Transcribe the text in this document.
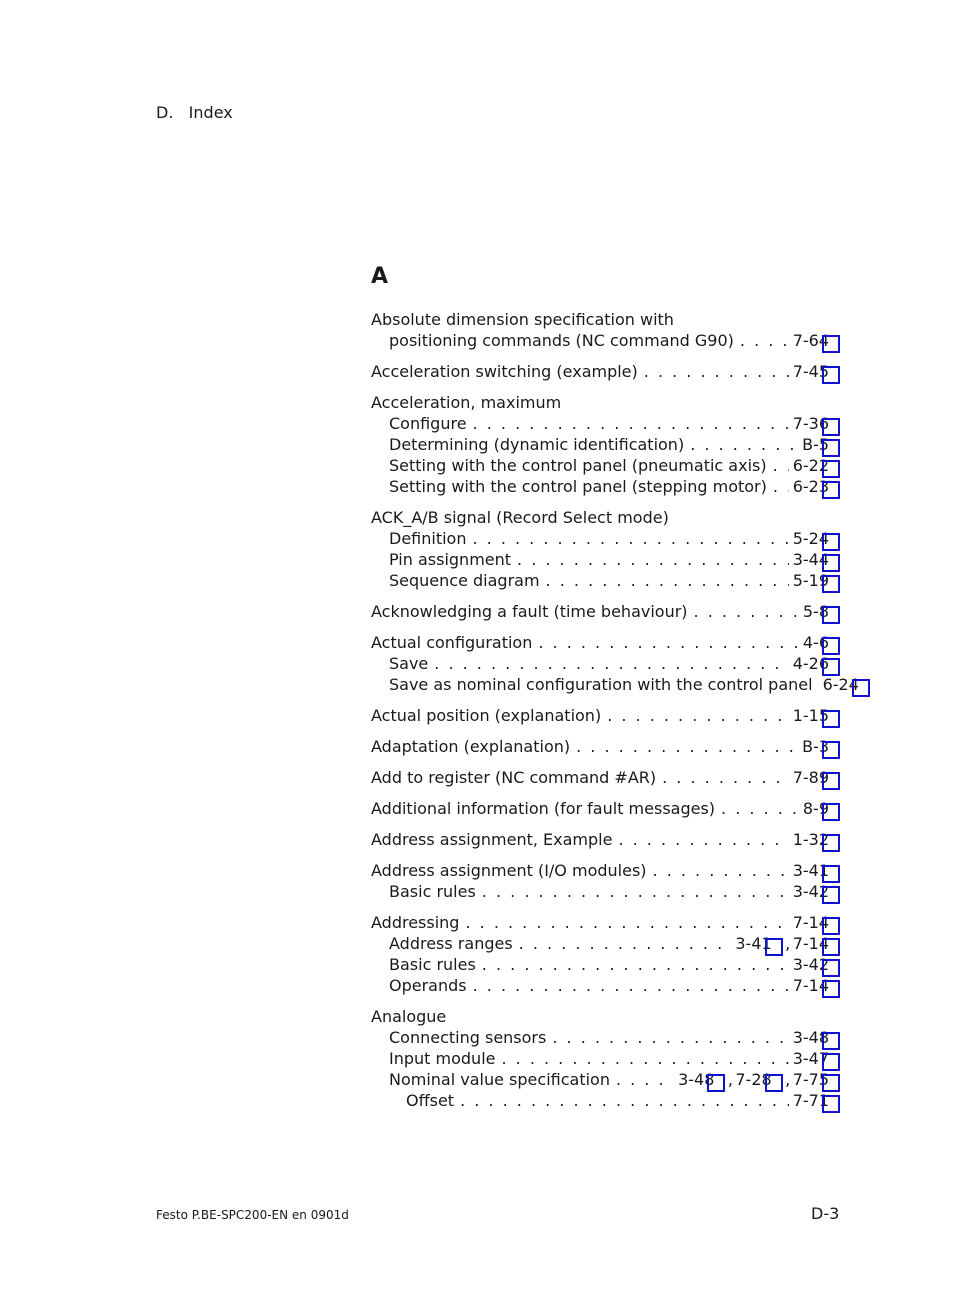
D. Index
A
Absolute dimension specification with
positioning commands (NC command G90) . . .	7-64
Acceleration switching (example) . . .	7-45
Acceleration, maximum
Configure . . .	7-36
Determining (dynamic identification) . . .	B-5
Setting with the control panel (pneumatic axis) . . . 6-22
Setting with the control panel (stepping motor) . . . 6-23
ACK_A/B signal (Record Select mode)
Definition . . .	5-24
Pin assignment . . .	3-44
Sequence diagram . . .	5-19
Acknowledging a fault (time behaviour) . . .	5-8
Actual configuration . . .	4-6
Save . . .	4-26
Save as nominal configuration with the control panel 6-24
Actual position (explanation) . . .	1-15
Adaptation (explanation) . . .	B-3
Add to register (NC command #AR) . . .	7-89
Additional information (for fault messages) . . .	8-9
Address assignment, Example . . .	1-32
Address assignment (I/O modules) . . .	3-41
Basic rules . . .	3-42
Addressing . . .	7-14
Address ranges . . .	3-41 , 7-14
Basic rules . . .	3-42
Operands . . .	7-14
Analogue
Connecting sensors . . .	3-48
Input module . . .	3-47
Nominal value specification . . .	3-48 , 7-28 , 7-75
Offset . . .	7-71
Festo P.BE-SPC200-EN en 0901d	D-3
